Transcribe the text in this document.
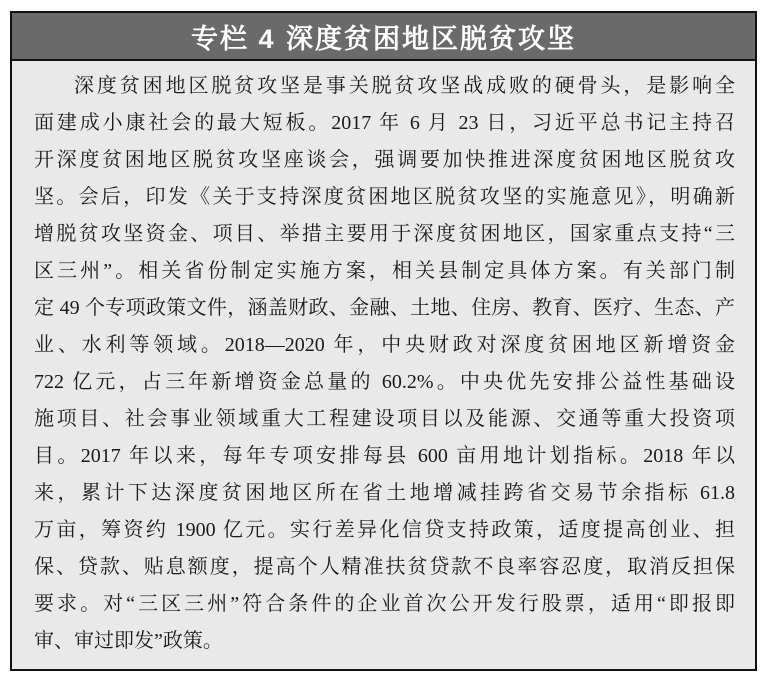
专栏 4 深度贫困地区脱贫攻坚
深度贫困地区脱贫攻坚是事关脱贫攻坚战成败的硬骨头，是影响全
面建成小康社会的最大短板。2017 年 6 月 23 日，习近平总书记主持召
开深度贫困地区脱贫攻坚座谈会，强调要加快推进深度贫困地区脱贫攻
坚。会后，印发《关于支持深度贫困地区脱贫攻坚的实施意见》，明确新
增脱贫攻坚资金、项目、举措主要用于深度贫困地区，国家重点支持“三
区三州”。相关省份制定实施方案，相关县制定具体方案。有关部门制
定 49 个专项政策文件，涵盖财政、金融、土地、住房、教育、医疗、生态、产
业、水利等领域。2018—2020 年，中央财政对深度贫困地区新增资金
722 亿元，占三年新增资金总量的 60.2%。中央优先安排公益性基础设
施项目、社会事业领域重大工程建设项目以及能源、交通等重大投资项
目。2017 年以来，每年专项安排每县 600 亩用地计划指标。2018 年以
来，累计下达深度贫困地区所在省土地增减挂跨省交易节余指标 61.8
万亩，筹资约 1900 亿元。实行差异化信贷支持政策，适度提高创业、担
保、贷款、贴息额度，提高个人精准扶贫贷款不良率容忍度，取消反担保
要求。对“三区三州”符合条件的企业首次公开发行股票，适用“即报即
审、审过即发”政策。
